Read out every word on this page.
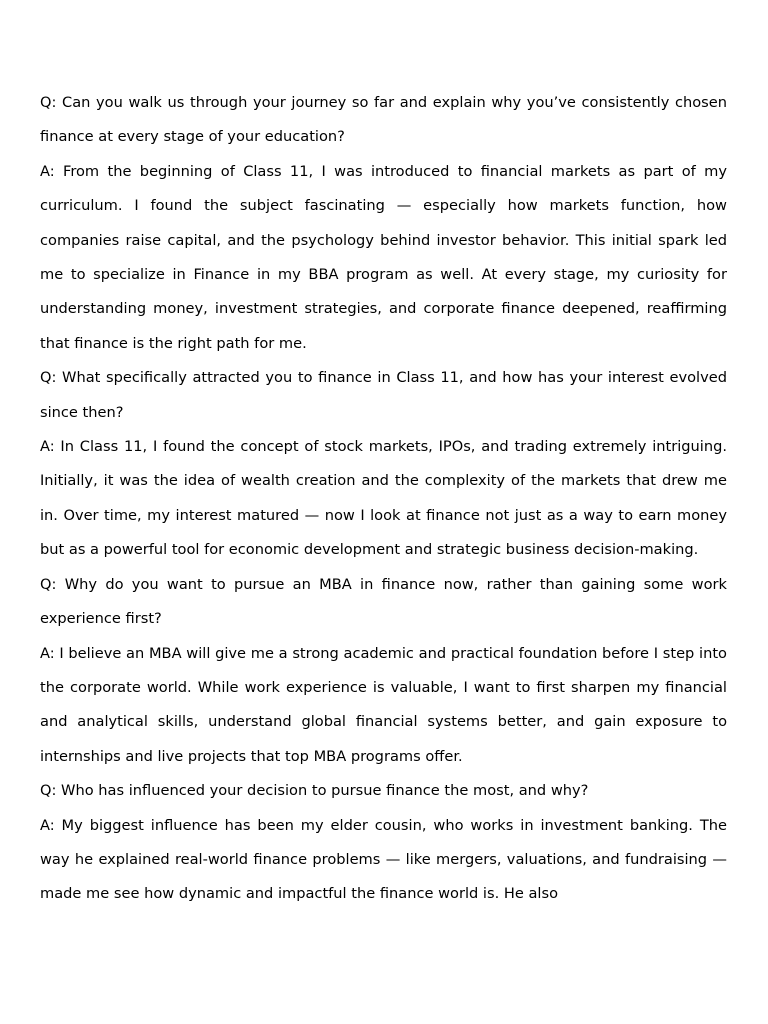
Q: Can you walk us through your journey so far and explain why you’ve consistently chosen finance at every stage of your education?

A: From the beginning of Class 11, I was introduced to financial markets as part of my curriculum. I found the subject fascinating — especially how markets function, how companies raise capital, and the psychology behind investor behavior. This initial spark led me to specialize in Finance in my BBA program as well. At every stage, my curiosity for understanding money, investment strategies, and corporate finance deepened, reaffirming that finance is the right path for me.

Q: What specifically attracted you to finance in Class 11, and how has your interest evolved since then?

A: In Class 11, I found the concept of stock markets, IPOs, and trading extremely intriguing. Initially, it was the idea of wealth creation and the complexity of the markets that drew me in. Over time, my interest matured — now I look at finance not just as a way to earn money but as a powerful tool for economic development and strategic business decision-making.

Q: Why do you want to pursue an MBA in finance now, rather than gaining some work experience first?

A: I believe an MBA will give me a strong academic and practical foundation before I step into the corporate world. While work experience is valuable, I want to first sharpen my financial and analytical skills, understand global financial systems better, and gain exposure to internships and live projects that top MBA programs offer.

Q: Who has influenced your decision to pursue finance the most, and why?

A: My biggest influence has been my elder cousin, who works in investment banking. The way he explained real-world finance problems — like mergers, valuations, and fundraising — made me see how dynamic and impactful the finance world is. He also
